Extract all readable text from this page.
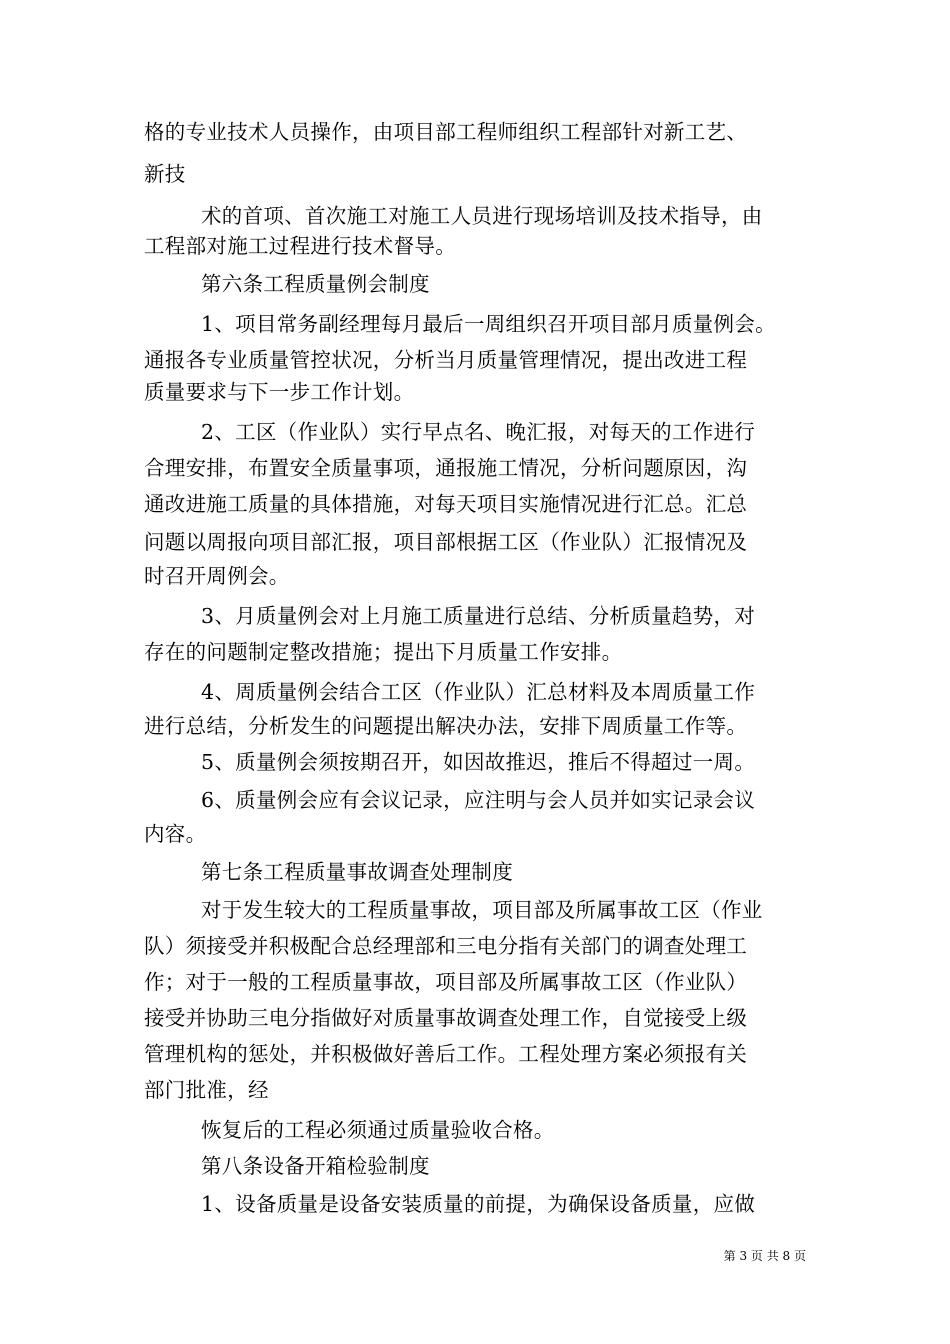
格的专业技术人员操作，由项目部工程师组织工程部针对新工艺、
新技
术的首项、首次施工对施工人员进行现场培训及技术指导，由
工程部对施工过程进行技术督导。
第六条工程质量例会制度
1、项目常务副经理每月最后一周组织召开项目部月质量例会。
通报各专业质量管控状况，分析当月质量管理情况，提出改进工程
质量要求与下一步工作计划。
2、工区（作业队）实行早点名、晚汇报，对每天的工作进行
合理安排，布置安全质量事项，通报施工情况，分析问题原因，沟
通改进施工质量的具体措施，对每天项目实施情况进行汇总。汇总
问题以周报向项目部汇报，项目部根据工区（作业队）汇报情况及
时召开周例会。
3、月质量例会对上月施工质量进行总结、分析质量趋势，对
存在的问题制定整改措施；提出下月质量工作安排。
4、周质量例会结合工区（作业队）汇总材料及本周质量工作
进行总结，分析发生的问题提出解决办法，安排下周质量工作等。
5、质量例会须按期召开，如因故推迟，推后不得超过一周。
6、质量例会应有会议记录，应注明与会人员并如实记录会议
内容。
第七条工程质量事故调查处理制度
对于发生较大的工程质量事故，项目部及所属事故工区（作业
队）须接受并积极配合总经理部和三电分指有关部门的调查处理工
作；对于一般的工程质量事故，项目部及所属事故工区（作业队）
接受并协助三电分指做好对质量事故调查处理工作，自觉接受上级
管理机构的惩处，并积极做好善后工作。工程处理方案必须报有关
部门批准，经
恢复后的工程必须通过质量验收合格。
第八条设备开箱检验制度
1、设备质量是设备安装质量的前提，为确保设备质量，应做
第 3 页 共 8 页
